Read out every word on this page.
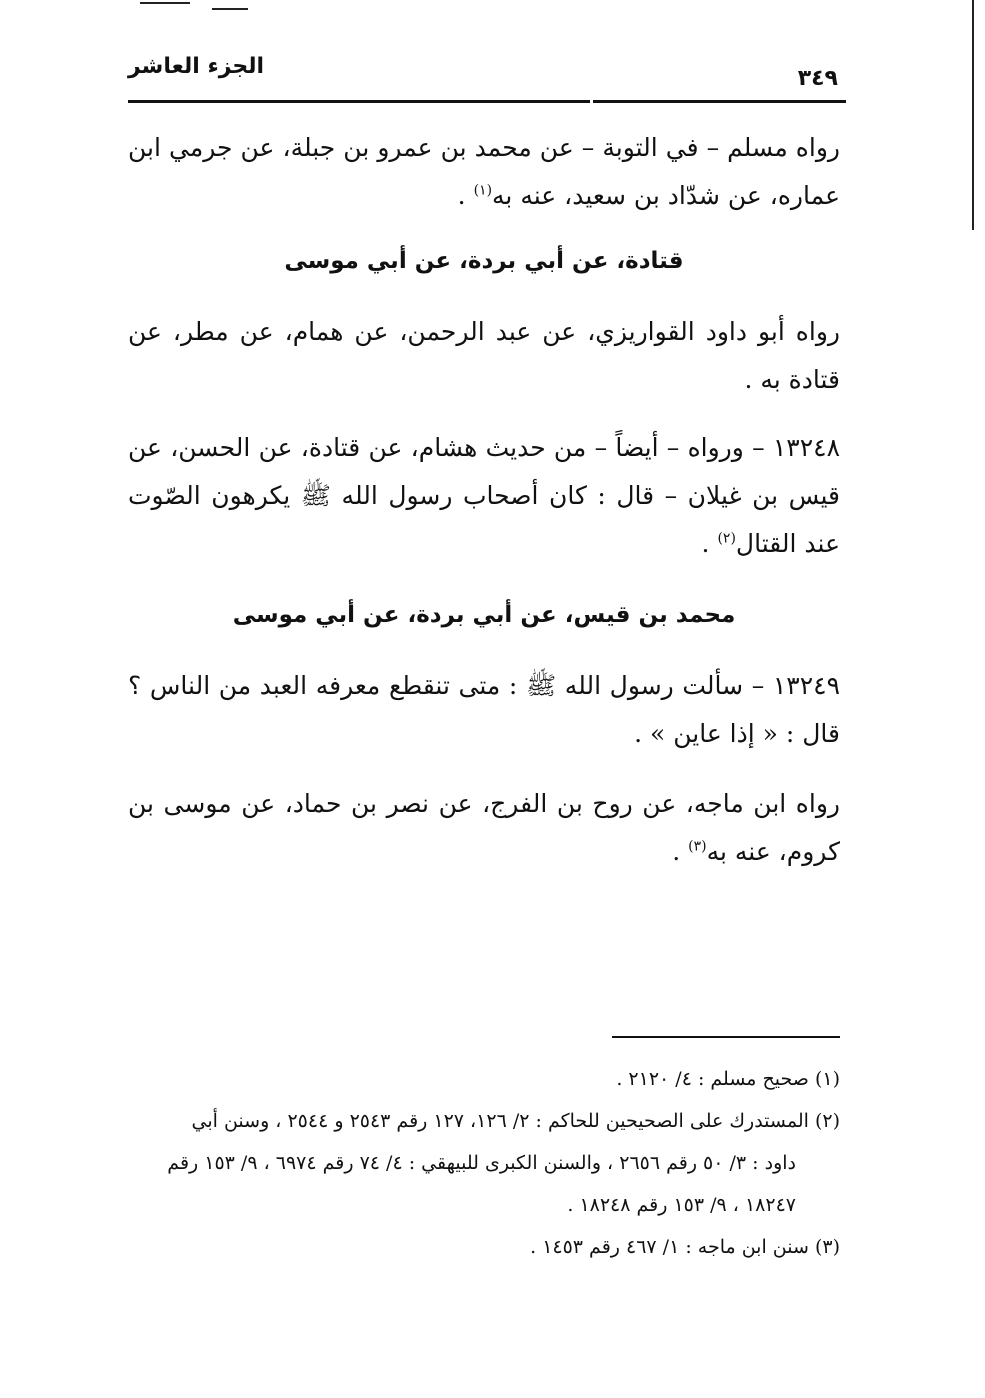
الجزء العاشر	٣٤٩
رواه مسلم – في التوبة – عن محمد بن عمرو بن جبلة، عن جرمي ابن عماره، عن شدّاد بن سعيد، عنه به$^{(١)}$ .
قتادة، عن أبي بردة، عن أبي موسى
رواه أبو داود القواريزي، عن عبد الرحمن، عن همام، عن مطر، عن قتادة به .
١٣٢٤٨ – ورواه – أيضاً – من حديث هشام، عن قتادة، عن الحسن، عن قيس بن غيلان – قال : كان أصحاب رسول الله ﷺ يكرهون الصّوت عند القتال$^{(٢)}$ .
محمد بن قيس، عن أبي بردة، عن أبي موسى
١٣٢٤٩ – سألت رسول الله ﷺ : متى تنقطع معرفه العبد من الناس ؟ قال : « إذا عاين » .
رواه ابن ماجه، عن روح بن الفرج، عن نصر بن حماد، عن موسى بن كروم، عنه به$^{(٣)}$ .
(١) صحيح مسلم : ٤/ ٢١٢٠ .
(٢) المستدرك على الصحيحين للحاكم : ٢/ ١٢٦، ١٢٧ رقم ٢٥٤٣ و ٢٥٤٤ ، وسنن أبي
داود : ٣/ ٥٠ رقم ٢٦٥٦ ، والسنن الكبرى للبيهقي : ٤/ ٧٤ رقم ٦٩٧٤ ، ٩/ ١٥٣ رقم
١٨٢٤٧ ، ٩/ ١٥٣ رقم ١٨٢٤٨ .
(٣) سنن ابن ماجه : ١/ ٤٦٧ رقم ١٤٥٣ .
